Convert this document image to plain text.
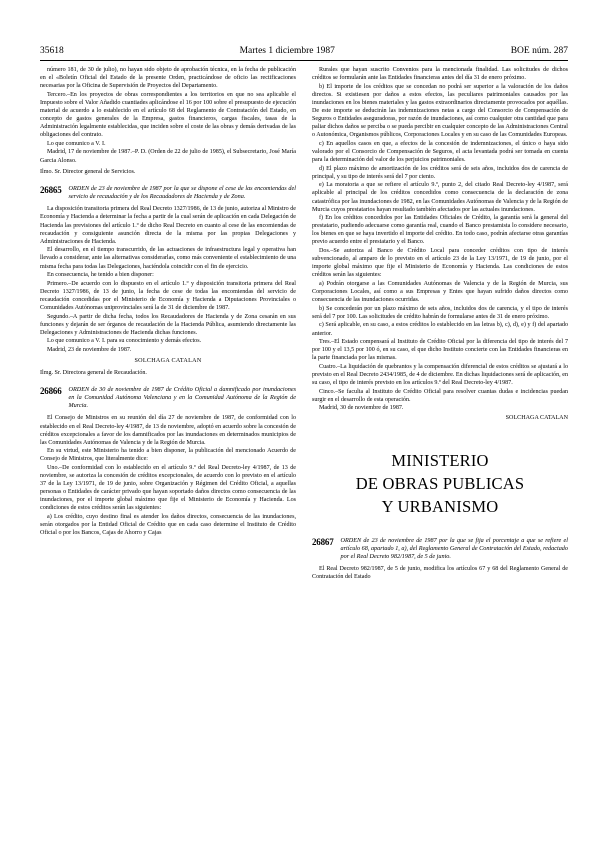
35618	Martes 1 diciembre 1987	BOE núm. 287

número 181, de 30 de julio), no hayan sido objeto de aprobación técnica, en la fecha de publicación en el «Boletín Oficial del Estado de la presente Orden, practicándose de oficio las rectificaciones necesarias por la Oficina de Supervisión de Proyectos del Departamento.

Tercero.–En los proyectos de obras correspondientes a los territorios en que no sea aplicable el Impuesto sobre el Valor Añadido cuantiades aplicándose el 16 por 100 sobre el presupuesto de ejecución material de acuerdo a lo establecido en el artículo 68 del Reglamento de Contratación del Estado, en concepto de gastos generales de la Empresa, gastos financieros, cargas fiscales, tasas de la Administración legalmente establecidas, que inciden sobre el coste de las obras y demás derivadas de las obligaciones del contrato.

Lo que comunico a V. I.

Madrid, 17 de noviembre de 1987.–P. D. (Orden de 22 de julio de 1985), el Subsecretario, José María Garcia Alonso.

Ilmo. Sr. Director general de Servicios.

26865 ORDEN de 23 de noviembre de 1987 por la que se dispone el cese de las encomiendas del servicio de recaudación y de los Recaudadores de Hacienda y de Zona.

La disposición transitoria primera del Real Decreto 1327/1986, de 13 de junio, autoriza al Ministro de Economía y Hacienda a determinar la fecha a partir de la cual serán de aplicación en cada Delegación de Hacienda las previsiones del artículo 1.º de dicho Real Decreto en cuanto al cese de las encomiendas de recaudación y consiguiente asunción directa de la misma por las propias Delegaciones y Administraciones de Hacienda.

El desarrollo, en el tiempo transcurrido, de las actuaciones de infraestructura legal y operativa han llevado a considerar, ante las alternativas considerarlas, como más conveniente el establecimiento de una misma fecha para todas las Delegaciones, haciéndola coincidir con el fin de ejercicio.

En consecuencia, he tenido a bien disponer:

Primero.–De acuerdo con lo dispuesto en el artículo 1.º y disposición transitoria primera del Real Decreto 1327/1986, de 13 de junio, la fecha de cese de todas las encomiendas del servicio de recaudación concedidas por el Ministerio de Economía y Hacienda a Diputaciones Provinciales o Comunidades Autónomas uniprovinciales será la de 31 de diciembre de 1987.

Segundo.–A partir de dicha fecha, todos los Recaudadores de Hacienda y de Zona cesarán en sus funciones y dejarán de ser órganos de recaudación de la Hacienda Pública, asumiendo directamente las Delegaciones y Administraciones de Hacienda dichas funciones.

Lo que comunico a V. I. para su conocimiento y demás efectos.

Madrid, 23 de noviembre de 1987.

SOLCHAGA CATALAN

Ilmg. Sr. Directora general de Recaudación.

26866 ORDEN de 30 de noviembre de 1987 de Crédito Oficial a damnificado por inundaciones en la Comunidad Autónoma Valenciana y en la Comunidad Autónoma de la Región de Murcia.

El Consejo de Ministros en su reunión del día 27 de noviembre de 1987, de conformidad con lo establecido en el Real Decreto-ley 4/1987, de 13 de noviembre, adoptó en acuerdo sobre la concesión de créditos excepcionales a favor de los damnificados por las inundaciones en determinados municipios de las Comunidades Autónomas de Valencia y de la Región de Murcia.

En su virtud, este Ministerio ha tenido a bien disponer, la publicación del mencionado Acuerdo de Consejo de Ministros, que literalmente dice:

Uno.–De conformidad con lo establecido en el artículo 9.º del Real Decreto-ley 4/1987, de 13 de noviembre, se autoriza la concesión de créditos excepcionales, de acuerdo con lo previsto en el artículo 37 de la Ley 13/1971, de 19 de junio, sobre Organización y Régimen del Crédito Oficial, a aquellas personas o Entidades de carácter privado que hayan soportado daños directos como consecuencia de las inundaciones, por el importe global máximo que fije el Ministerio de Economía y Hacienda. Los condiciones de estos créditos serán las siguientes:

a) Los crédito, cuyo destino final es atender los daños directos, consecuencia de las inundaciones, serán otorgados por la Entidad Oficial de Crédito que en cada caso determine el Instituto de Crédito Oficial o por los Bancos, Cajas de Ahorro y Cajas

Rurales que hayan suscrito Convenios para la mencionada finalidad. Las solicitudes de dichos créditos se formularán ante las Entidades financieras antes del día 31 de enero próximo.

b) El importe de los créditos que se concedan no podrá ser superior a la valoración de los daños directos. Si existiesen por daños a estos efectos, las peculiares patrimoniales causados por las inundaciones en los bienes materiales y las gastos extraordinarios directamente provocados por aquéllas. De este importe se deducirán las indemnizaciones netas a cargo del Consorcio de Compensación de Seguros o Entidades aseguradoras, por razón de inundaciones, así como cualquier otra cantidad que para paliar dichos daños se perciba o se pueda percibir en cualquier concepto de las Administraciones Central o Autonómica, Organismos públicos, Corporaciones Locales y en su caso de las Comunidades Europeas.

c) En aquellos casos en que, a efectos de la concesión de indemnizaciones, el único o haya sido valorado por el Consorcio de Compensación de Seguros, el acta levantada podrá ser tomada en cuenta para la determinación del valor de los perjuicios patrimoniales.

d) El plazo máximo de amortización de los créditos será de seis años, incluidos dos de carencia de principal, y su tipo de interés será del 7 por ciento.

e) La moratoria a que se refiere el artículo 9.º, punto 2, del citado Real Decreto-ley 4/1987, será aplicable al principal de los créditos concedidos como consecuencia de la declaración de zona catastrófica por las inundaciones de 1982, en las Comunidades Autónomas de Valencia y de la Región de Murcia cuyos prestatarios hayan resultado también afectados por las actuales inundaciones.

f) En los créditos concedidos por las Entidades Oficiales de Crédito, la garantía será la general del prestatario, pudiendo adecuarse como garantía real, cuando el Banco prestamista lo considere necesario, los bienes en que se haya invertido el importe del crédito. En todo caso, podrán afectarse otras garantías previo acuerdo entre el prestatario y el Banco.

Dos.–Se autoriza al Banco de Crédito Local para conceder créditos con tipo de interés subvencionado, al amparo de lo previsto en el artículo 23 de la Ley 13/1971, de 19 de junio, por el importe global máximo que fije el Ministerio de Economía y Hacienda. Las condiciones de estos créditos serán las siguientes:

a) Podrán otorgarse a las Comunidades Autónomas de Valencia y de la Región de Murcia, sus Corporaciones Locales, así como a sus Empresas y Entes que hayan sufrido daños directos como consecuencia de las inundaciones ocurridas.

b) Se concederán por un plazo máximo de seis años, incluidos dos de carencia, y el tipo de interés será del 7 por 100. Las solicitudes de crédito habrán de formularse antes de 31 de enero próximo.

c) Será aplicable, en su caso, a estos créditos lo establecido en las letras b), c), d), e) y f) del apartado anterior.

Tres.–El Estado compensará al Instituto de Crédito Oficial por la diferencia del tipo de interés del 7 por 100 y el 13,5 por 100 ó, en su caso, el que dicho Instituto concierte con las Entidades financieras en la parte financiada por las mismas.

Cuatro.–La liquidación de quebrantos y la compensación diferencial de estos créditos se ajustará a lo previsto en el Real Decreto 2434/1985, de 4 de diciembre. En dichas liquidaciones será de aplicación, en su caso, el tipo de interés previsto en los artículos 9.º del Real Decreto-ley 4/1987.

Cinco.–Se faculta al Instituto de Crédito Oficial para resolver cuantas dudas e incidencias puedan surgir en el desarrollo de esta operación.

Madrid, 30 de noviembre de 1987.

SOLCHAGA CATALAN

MINISTERIO
DE OBRAS PUBLICAS
Y URBANISMO
26867 ORDEN de 23 de noviembre de 1987 por la que se fija el porcentaje a que se refiere el artículo 68, apartado 1, a), del Reglamento General de Contratación del Estado, redactado por el Real Decreto 982/1987, de 5 de junio.

El Real Decreto 982/1987, de 5 de junio, modifica los artículos 67 y 68 del Reglamento General de Contratación del Estado
